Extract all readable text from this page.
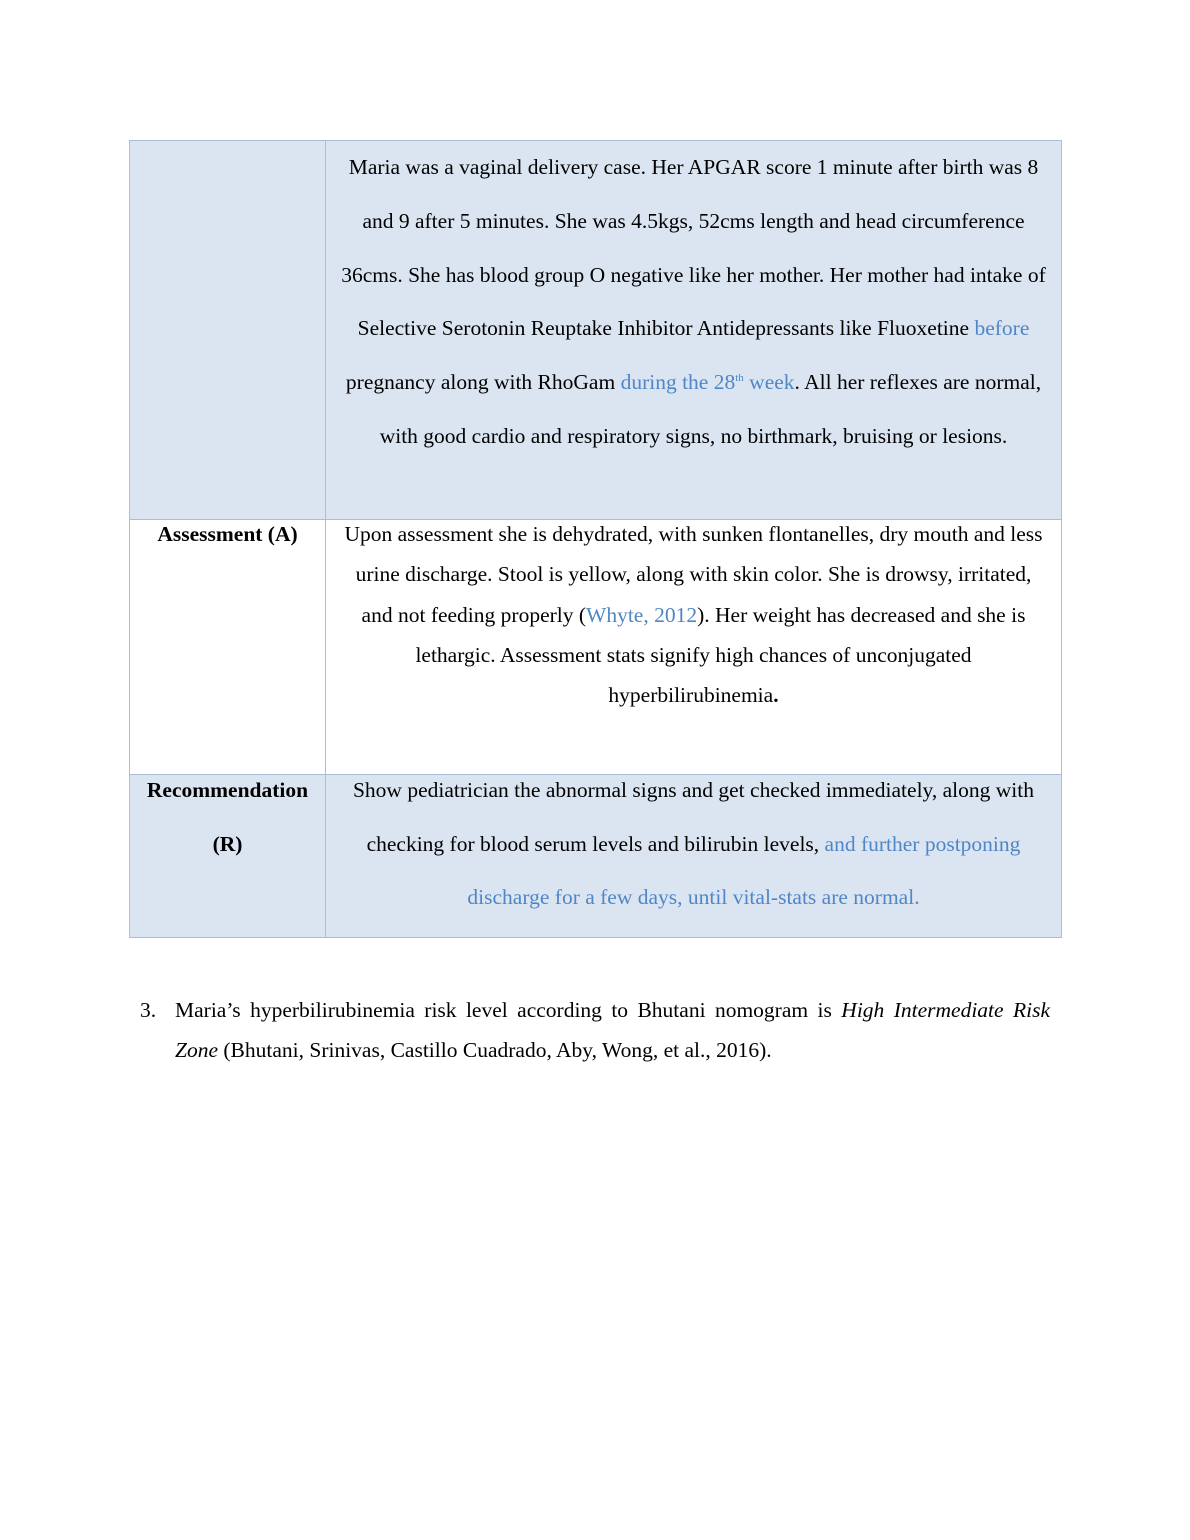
	Maria was a vaginal delivery case. Her APGAR score 1 minute after birth was 8 and 9 after 5 minutes. She was 4.5kgs, 52cms length and head circumference 36cms. She has blood group O negative like her mother. Her mother had intake of Selective Serotonin Reuptake Inhibitor Antidepressants like Fluoxetine before pregnancy along with RhoGam during the 28th week. All her reflexes are normal, with good cardio and respiratory signs, no birthmark, bruising or lesions.

Assessment (A)	Upon assessment she is dehydrated, with sunken flontanelles, dry mouth and less urine discharge. Stool is yellow, along with skin color. She is drowsy, irritated, and not feeding properly (Whyte, 2012). Her weight has decreased and she is lethargic. Assessment stats signify high chances of unconjugated hyperbilirubinemia.

Recommendation
(R)	Show pediatrician the abnormal signs and get checked immediately, along with checking for blood serum levels and bilirubin levels, and further postponing discharge for a few days, until vital-stats are normal.
3. Maria’s hyperbilirubinemia risk level according to Bhutani nomogram is High Intermediate Risk Zone (Bhutani, Srinivas, Castillo Cuadrado, Aby, Wong, et al., 2016).
